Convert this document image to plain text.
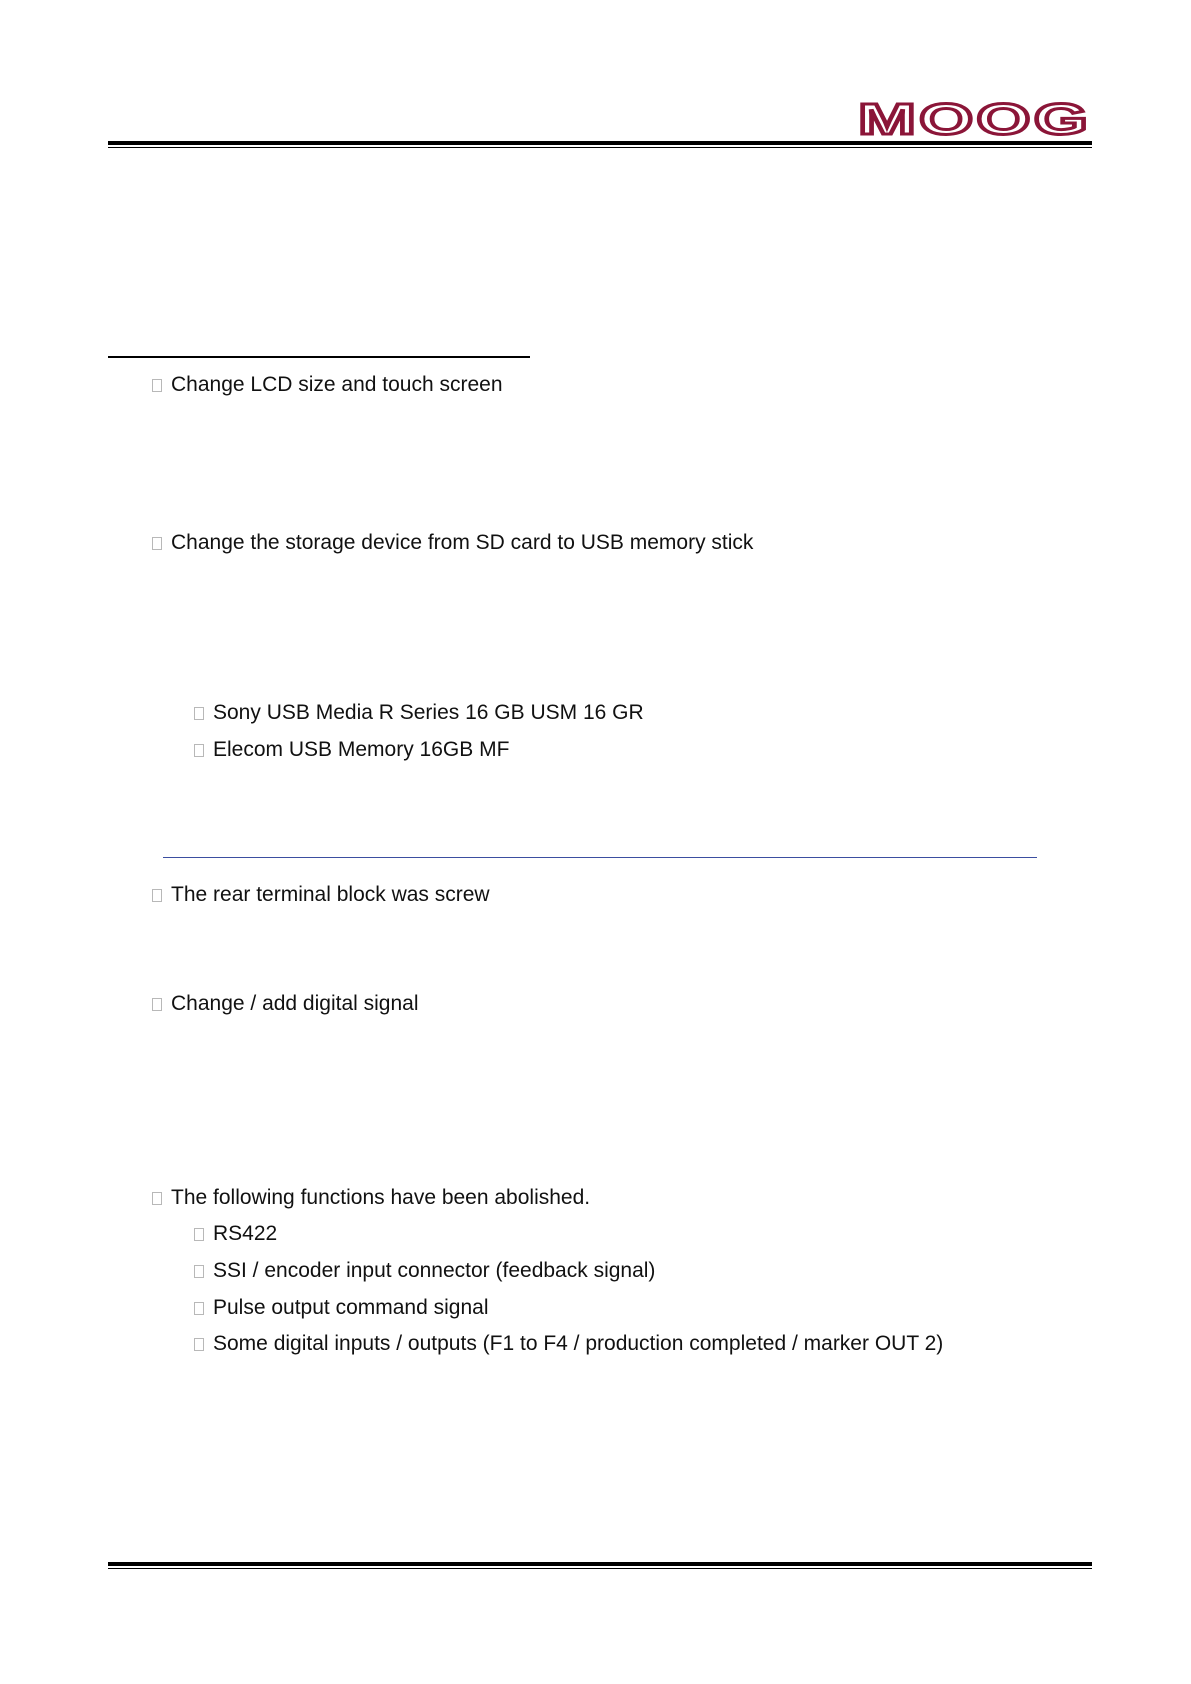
MOOG
Change LCD size and touch screen
Change the storage device from SD card to USB memory stick
Sony USB Media R Series 16 GB USM 16 GR
Elecom USB Memory 16GB MF
The rear terminal block was screw
Change / add digital signal
The following functions have been abolished.
RS422
SSI / encoder input connector (feedback signal)
Pulse output command signal
Some digital inputs / outputs (F1 to F4 / production completed / marker OUT 2)
